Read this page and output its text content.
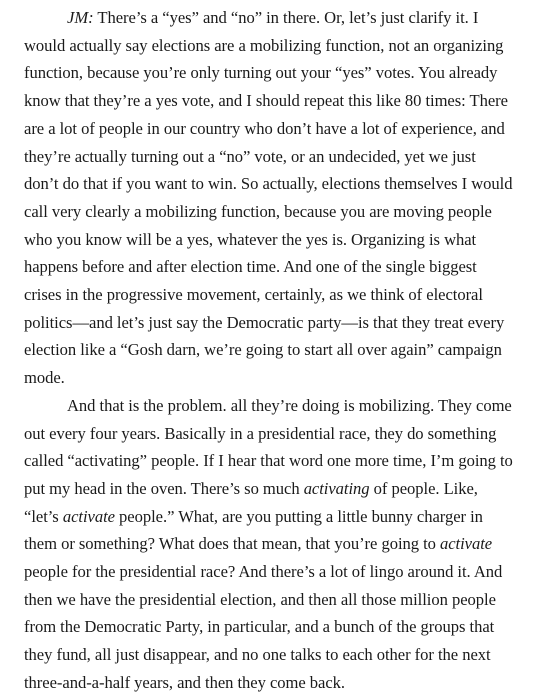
JM: There’s a “yes” and “no” in there. Or, let’s just clarify it. I would actually say elections are a mobilizing function, not an organizing function, because you’re only turning out your “yes” votes. You already know that they’re a yes vote, and I should repeat this like 80 times: There are a lot of people in our country who don’t have a lot of experience, and they’re actually turning out a “no” vote, or an undecided, yet we just don’t do that if you want to win. So actually, elections themselves I would call very clearly a mobilizing function, because you are moving people who you know will be a yes, whatever the yes is. Organizing is what happens before and after election time. And one of the single biggest crises in the progressive movement, certainly, as we think of electoral politics—and let’s just say the Democratic party—is that they treat every election like a “Gosh darn, we’re going to start all over again” campaign mode.

And that is the problem. all they’re doing is mobilizing. They come out every four years. Basically in a presidential race, they do something called “activating” people. If I hear that word one more time, I’m going to put my head in the oven. There’s so much activating of people. Like, “let’s activate people.” What, are you putting a little bunny charger in them or something? What does that mean, that you’re going to activate people for the presidential race? And there’s a lot of lingo around it. And then we have the presidential election, and then all those million people from the Democratic Party, in particular, and a bunch of the groups that they fund, all just disappear, and no one talks to each other for the next three-and-a-half years, and then they come back.
